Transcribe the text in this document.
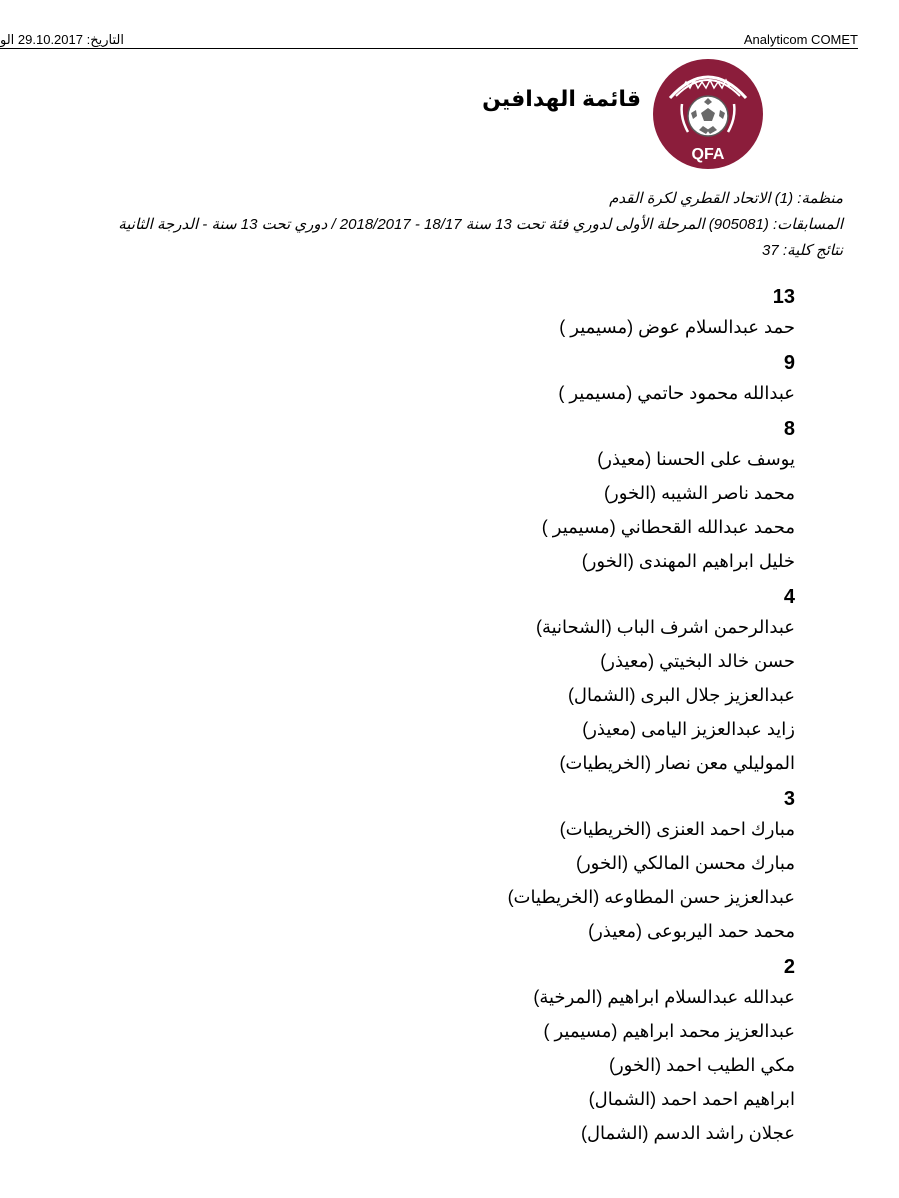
التاريخ: 29.10.2017 الو	Analyticom COMET
QFA
قائمة الهدافين
منظمة: (1) الاتحاد القطري لكرة القدم
المسابقات: (905081) المرحلة الأولى لدوري فئة تحت 13 سنة 18/17 - 2018/2017 / دوري تحت 13 سنة - الدرجة الثانية
نتائج كلية: 37
13
حمد عبدالسلام عوض (مسيمير )
9
عبدالله محمود حاتمي (مسيمير )
8
يوسف على الحسنا (معيذر)
محمد ناصر الشيبه (الخور)
محمد عبدالله القحطاني (مسيمير )
خليل ابراهيم المهندى (الخور)
4
عبدالرحمن اشرف الباب (الشحانية)
حسن خالد البخيتي (معيذر)
عبدالعزيز جلال البرى (الشمال)
زايد عبدالعزيز اليامى (معيذر)
الموليلي معن نصار (الخريطيات)
3
مبارك احمد العنزى (الخريطيات)
مبارك محسن المالكي (الخور)
عبدالعزيز حسن المطاوعه (الخريطيات)
محمد حمد اليربوعى (معيذر)
2
عبدالله عبدالسلام ابراهيم (المرخية)
عبدالعزيز محمد ابراهيم (مسيمير )
مكي الطيب احمد (الخور)
ابراهيم احمد احمد (الشمال)
عجلان راشد الدسم (الشمال)
